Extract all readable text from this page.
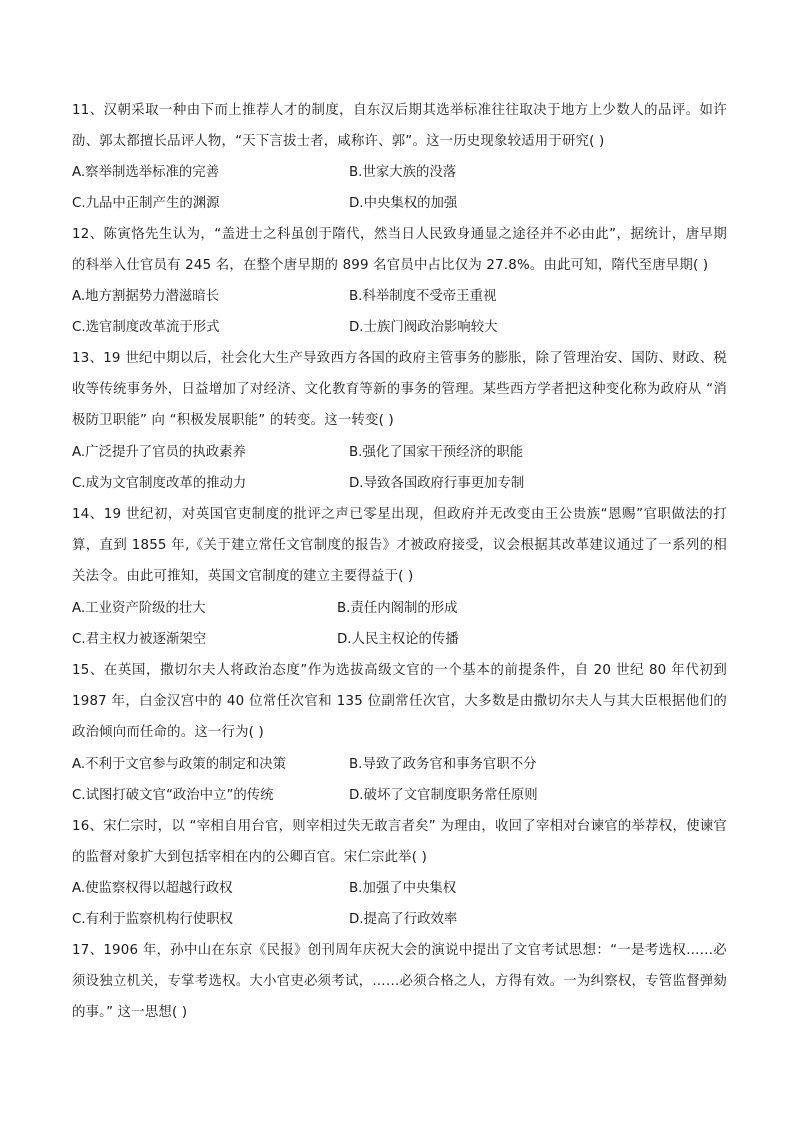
11、汉朝采取一种由下而上推荐人才的制度，自东汉后期其选举标准往往取决于地方上少数人的品评。如许劭、郭太都擅长品评人物，“天下言拔士者，咸称许、郭”。这一历史现象较适用于研究( )
A.察举制选举标准的完善	B.世家大族的没落
C.九品中正制产生的渊源	D.中央集权的加强
12、陈寅恪先生认为，“盖进士之科虽创于隋代，然当日人民致身通显之途径并不必由此”，据统计，唐早期的科举入仕官员有 245 名，在整个唐早期的 899 名官员中占比仅为 27.8%。由此可知，隋代至唐早期( )
A.地方割据势力潜滋暗长	B.科举制度不受帝王重视
C.选官制度改革流于形式	D.士族门阀政治影响较大
13、19 世纪中期以后，社会化大生产导致西方各国的政府主管事务的膨胀，除了管理治安、国防、财政、税收等传统事务外，日益增加了对经济、文化教育等新的事务的管理。某些西方学者把这种变化称为政府从 “消极防卫职能” 向 “积极发展职能” 的转变。这一转变( )
A.广泛提升了官员的执政素养	B.强化了国家干预经济的职能
C.成为文官制度改革的推动力	D.导致各国政府行事更加专制
14、19 世纪初，对英国官吏制度的批评之声已零星出现，但政府并无改变由王公贵族“恩赐”官职做法的打算，直到 1855 年,《关于建立常任文官制度的报告》才被政府接受，议会根据其改革建议通过了一系列的相关法令。由此可推知，英国文官制度的建立主要得益于( )
A.工业资产阶级的壮大	B.责任内阁制的形成
C.君主权力被逐渐架空	D.人民主权论的传播
15、在英国，撒切尔夫人将政治态度”作为选拔高级文官的一个基本的前提条件，自 20 世纪 80 年代初到 1987 年，白金汉宫中的 40 位常任次官和 135 位副常任次官，大多数是由撒切尔夫人与其大臣根据他们的政治倾向而任命的。这一行为( )
A.不利于文官参与政策的制定和决策	B.导致了政务官和事务官职不分
C.试图打破文官“政治中立”的传统	D.破坏了文官制度职务常任原则
16、宋仁宗时，以 “宰相自用台官，则宰相过失无敢言者矣” 为理由，收回了宰相对台谏官的举荐权，使谏官的监督对象扩大到包括宰相在内的公卿百官。宋仁宗此举( )
A.使监察权得以超越行政权	B.加强了中央集权
C.有利于监察机构行使职权	D.提高了行政效率
17、1906 年，孙中山在东京《民报》创刊周年庆祝大会的演说中提出了文官考试思想：“一是考选权……必须设独立机关，专掌考选权。大小官吏必须考试，……必须合格之人，方得有效。一为纠察权，专管监督弹劾的事。” 这一思想( )
